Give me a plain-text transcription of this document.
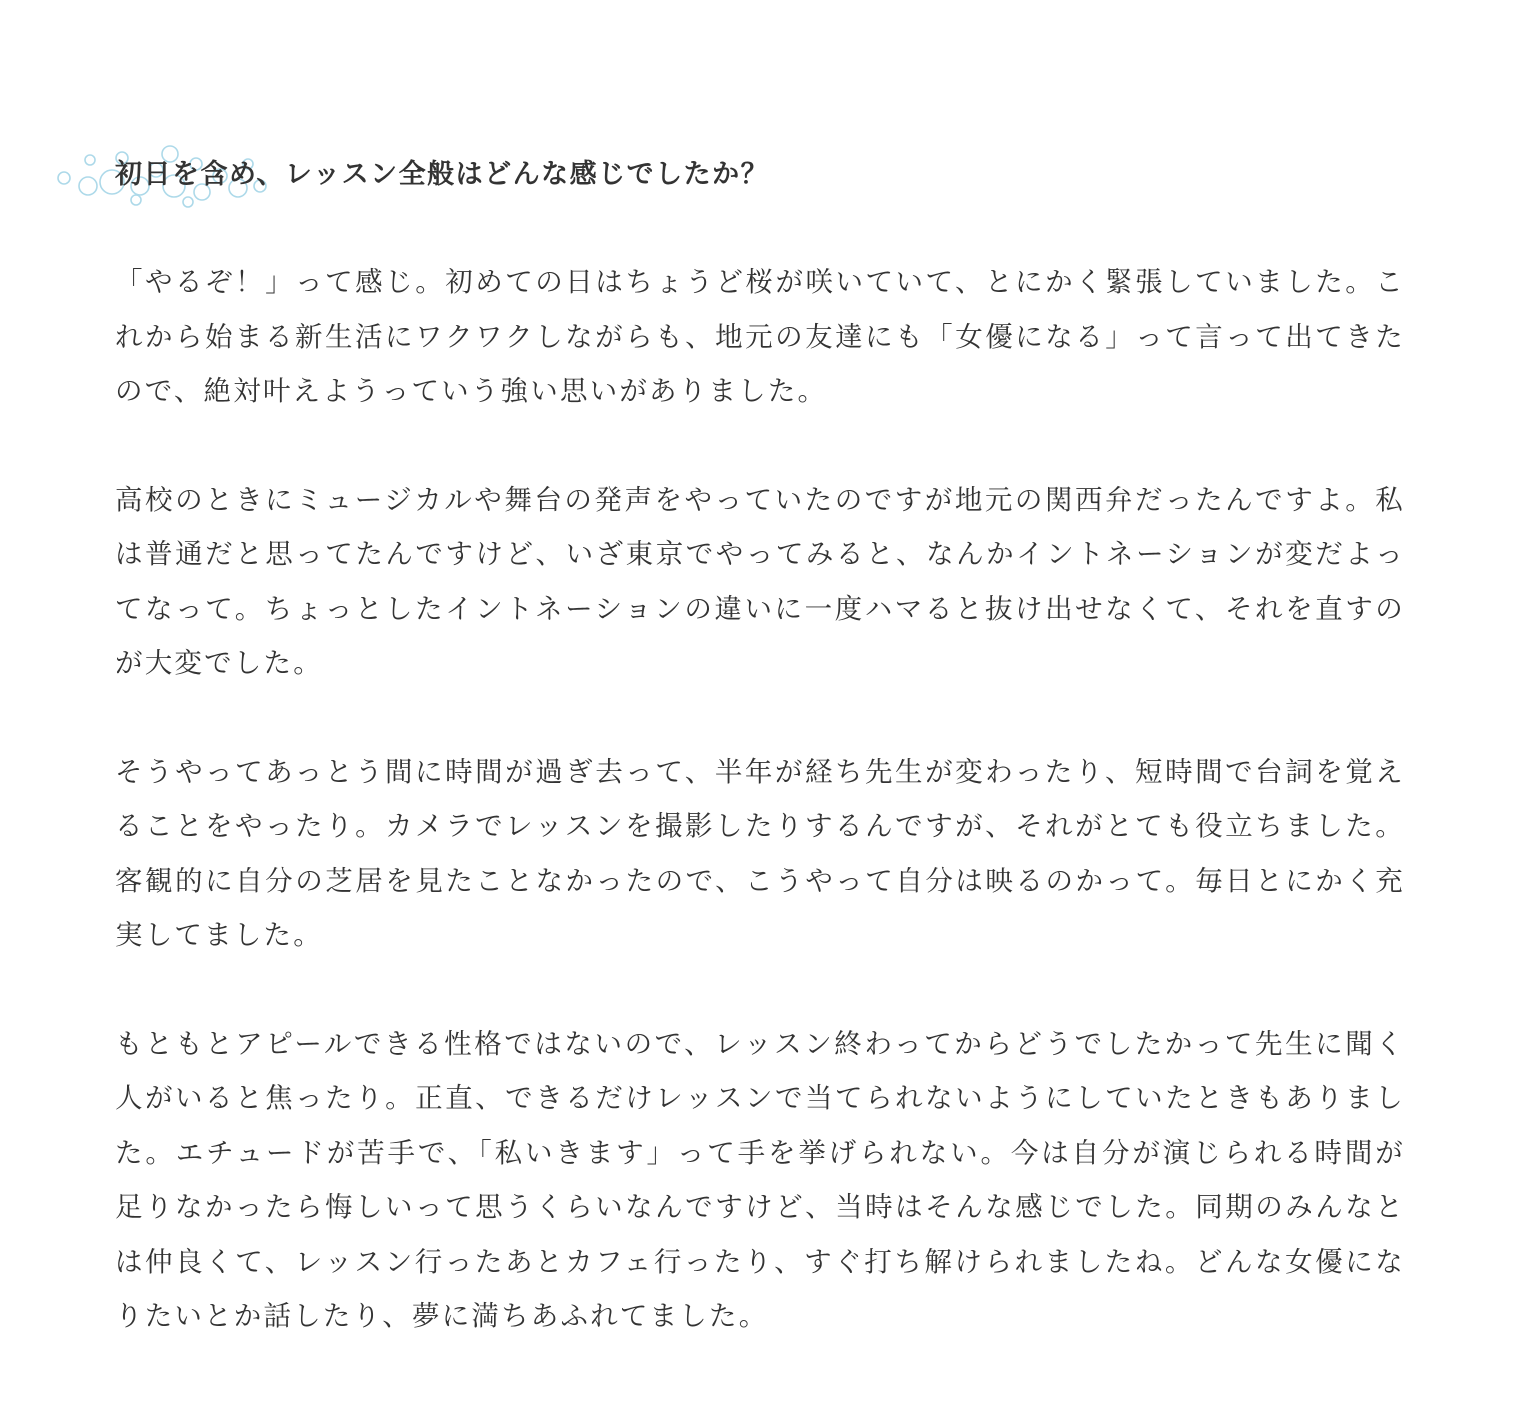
初日を含め、レッスン全般はどんな感じでしたか？

「やるぞ！」って感じ。初めての日はちょうど桜が咲いていて、とにかく緊張していました。これから始まる新生活にワクワクしながらも、地元の友達にも「女優になる」って言って出てきたので、絶対叶えようっていう強い思いがありました。

高校のときにミュージカルや舞台の発声をやっていたのですが地元の関西弁だったんですよ。私は普通だと思ってたんですけど、いざ東京でやってみると、なんかイントネーションが変だよってなって。ちょっとしたイントネーションの違いに一度ハマると抜け出せなくて、それを直すのが大変でした。

そうやってあっとう間に時間が過ぎ去って、半年が経ち先生が変わったり、短時間で台詞を覚えることをやったり。カメラでレッスンを撮影したりするんですが、それがとても役立ちました。客観的に自分の芝居を見たことなかったので、こうやって自分は映るのかって。毎日とにかく充実してました。

もともとアピールできる性格ではないので、レッスン終わってからどうでしたかって先生に聞く人がいると焦ったり。正直、できるだけレッスンで当てられないようにしていたときもありました。エチュードが苦手で、「私いきます」って手を挙げられない。今は自分が演じられる時間が足りなかったら悔しいって思うくらいなんですけど、当時はそんな感じでした。同期のみんなとは仲良くて、レッスン行ったあとカフェ行ったり、すぐ打ち解けられましたね。どんな女優になりたいとか話したり、夢に満ちあふれてました。
